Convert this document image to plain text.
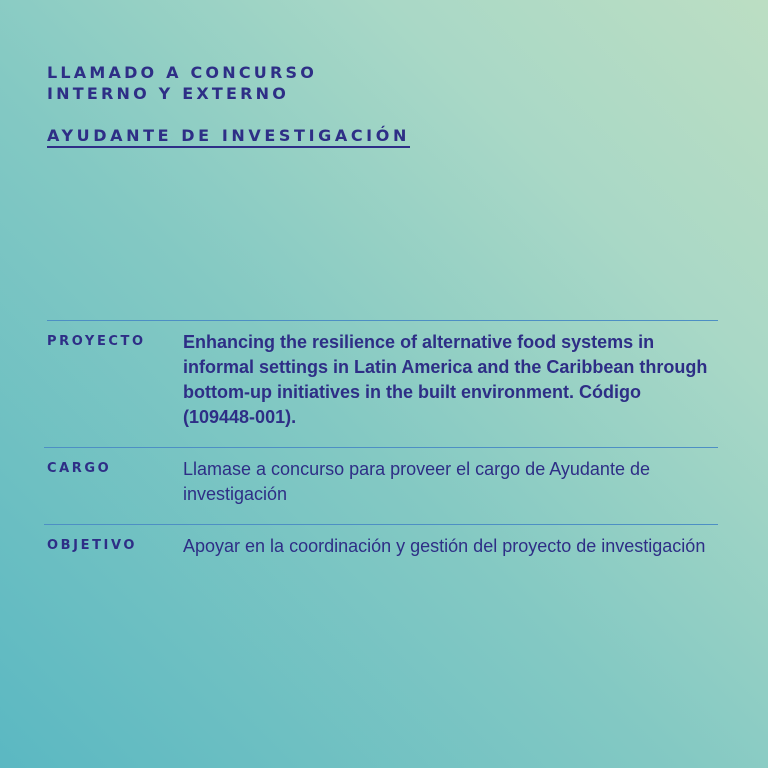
LLAMADO A CONCURSO
INTERNO Y EXTERNO
AYUDANTE DE INVESTIGACIÓN
PROYECTO	Enhancing the resilience of alternative food systems in informal settings in Latin America and the Caribbean through bottom-up initiatives in the built environment. Código (109448-001).
CARGO	Llamase a concurso para proveer el cargo de Ayudante de investigación
OBJETIVO	Apoyar en la coordinación y gestión del proyecto de investigación
